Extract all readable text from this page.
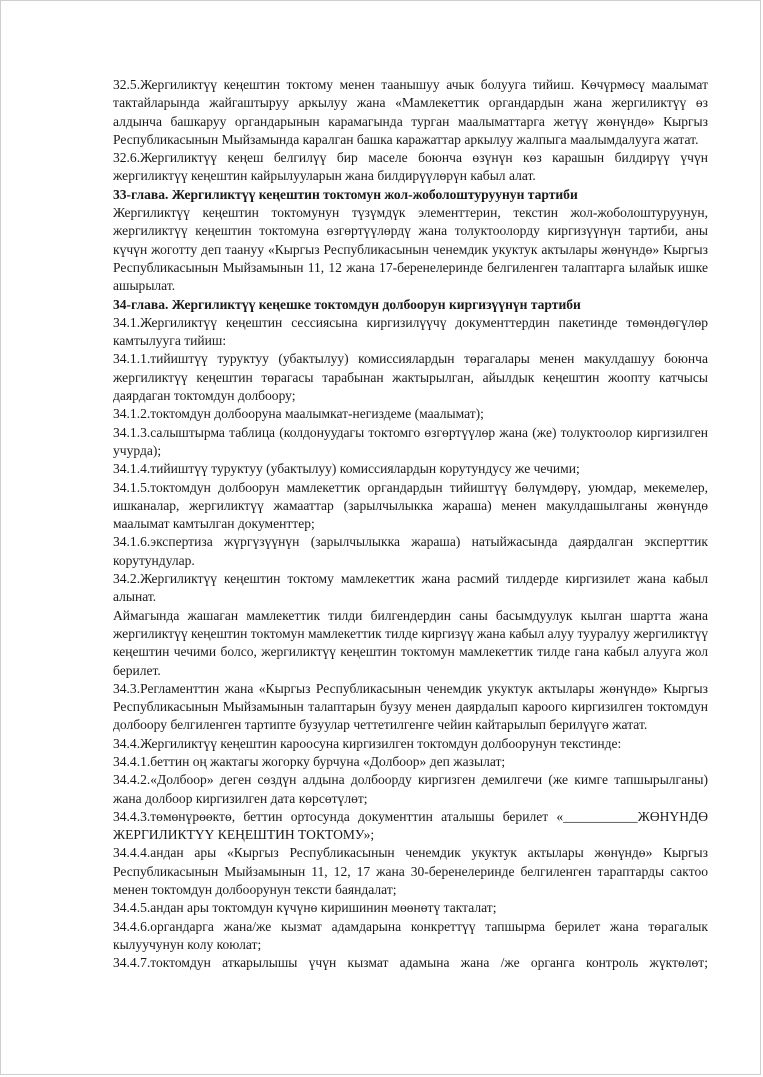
32.5.Жергиликтүү кеңештин токтому менен таанышуу ачык болууга тийиш. Көчүрмөсү маалымат тактайларында жайгаштыруу аркылуу жана «Мамлекеттик органдардын жана жергиликтүү өз алдынча башкаруу органдарынын карамагында турган маалыматтарга жетүү жөнүндө» Кыргыз Республикасынын Мыйзамында каралган башка каражаттар аркылуу жалпыга маалымдалууга жатат.

32.6.Жергиликтүү кеңеш белгилүү бир маселе боюнча өзүнүн көз карашын билдирүү үчүн жергиликтүү кеңештин кайрылууларын жана билдирүүлөрүн кабыл алат.

33-глава. Жергиликтүү кеңештин токтомун жол-жоболоштуруунун тартиби

Жергиликтүү кеңештин токтомунун түзүмдүк элементтерин, текстин жол-жоболоштуруунун, жергиликтүү кеңештин токтомуна өзгөртүүлөрдү жана толуктоолорду киргизүүнүн тартиби, аны күчүн жоготту деп таануу «Кыргыз Республикасынын ченемдик укуктук актылары жөнүндө» Кыргыз Республикасынын Мыйзамынын 11, 12 жана 17-беренелеринде белгиленген талаптарга ылайык ишке ашырылат.

34-глава. Жергиликтүү кеңешке токтомдун долбоорун киргизүүнүн тартиби

34.1.Жергиликтүү кеңештин сессиясына киргизилүүчү документтердин пакетинде төмөндөгүлөр камтылууга тийиш:

34.1.1.тийиштүү туруктуу (убактылуу) комиссиялардын төрагалары менен макулдашуу боюнча жергиликтүү кеңештин төрагасы тарабынан жактырылган, айылдык кеңештин жоопту катчысы даярдаган токтомдун долбоору;

34.1.2.токтомдун долбооруна маалымкат-негиздеме (маалымат);

34.1.3.салыштырма таблица (колдонуудагы токтомго өзгөртүүлөр жана (же) толуктоолор киргизилген учурда);

34.1.4.тийиштүү туруктуу (убактылуу) комиссиялардын корутундусу же чечими;

34.1.5.токтомдун долбоорун мамлекеттик органдардын тийиштүү бөлүмдөрү, уюмдар, мекемелер, ишканалар, жергиликтүү жамааттар (зарылчылыкка жараша) менен макулдашылганы жөнүндө маалымат камтылган документтер;

34.1.6.экспертиза жүргүзүүнүн (зарылчылыкка жараша) натыйжасында даярдалган эксперттик корутундулар.

34.2.Жергиликтүү кеңештин токтому мамлекеттик жана расмий тилдерде киргизилет жана кабыл алынат.

Аймагында жашаган мамлекеттик тилди билгендердин саны басымдуулук кылган шартта жана жергиликтүү кеңештин токтомун мамлекеттик тилде киргизүү жана кабыл алуу тууралуу жергиликтүү кеңештин чечими болсо, жергиликтүү кеңештин токтомун мамлекеттик тилде гана кабыл алууга жол берилет.

34.3.Регламенттин жана «Кыргыз Республикасынын ченемдик укуктук актылары жөнүндө» Кыргыз Республикасынын Мыйзамынын талаптарын бузуу менен даярдалып кароого киргизилген токтомдун долбоору белгиленген тартипте бузуулар четтетилгенге чейин кайтарылып берилүүгө жатат.

34.4.Жергиликтүү кеңештин кароосуна киргизилген токтомдун долбоорунун текстинде:

34.4.1.беттин оң жактагы жогорку бурчуна «Долбоор» деп жазылат;

34.4.2.«Долбоор» деген сөздүн алдына долбоорду киргизген демилгечи (же кимге тапшырылганы) жана долбоор киргизилген дата көрсөтүлөт;

34.4.3.төмөнүрөөктө, беттин ортосунда документтин аталышы берилет «___________ЖӨНҮНДӨ ЖЕРГИЛИКТҮҮ КЕҢЕШТИН ТОКТОМУ»;

34.4.4.андан ары «Кыргыз Республикасынын ченемдик укуктук актылары жөнүндө» Кыргыз Республикасынын Мыйзамынын 11, 12, 17 жана 30-беренелеринде белгиленген тараптарды сактоо менен токтомдун долбоорунун тексти баяндалат;

34.4.5.андан ары токтомдун күчүнө киришинин мөөнөтү такталат;

34.4.6.органдарга жана/же кызмат адамдарына конкреттүү тапшырма берилет жана төрагалык кылуучунун колу коюлат;

34.4.7.токтомдун аткарылышы үчүн кызмат адамына жана /же органга контроль жүктөлөт;
